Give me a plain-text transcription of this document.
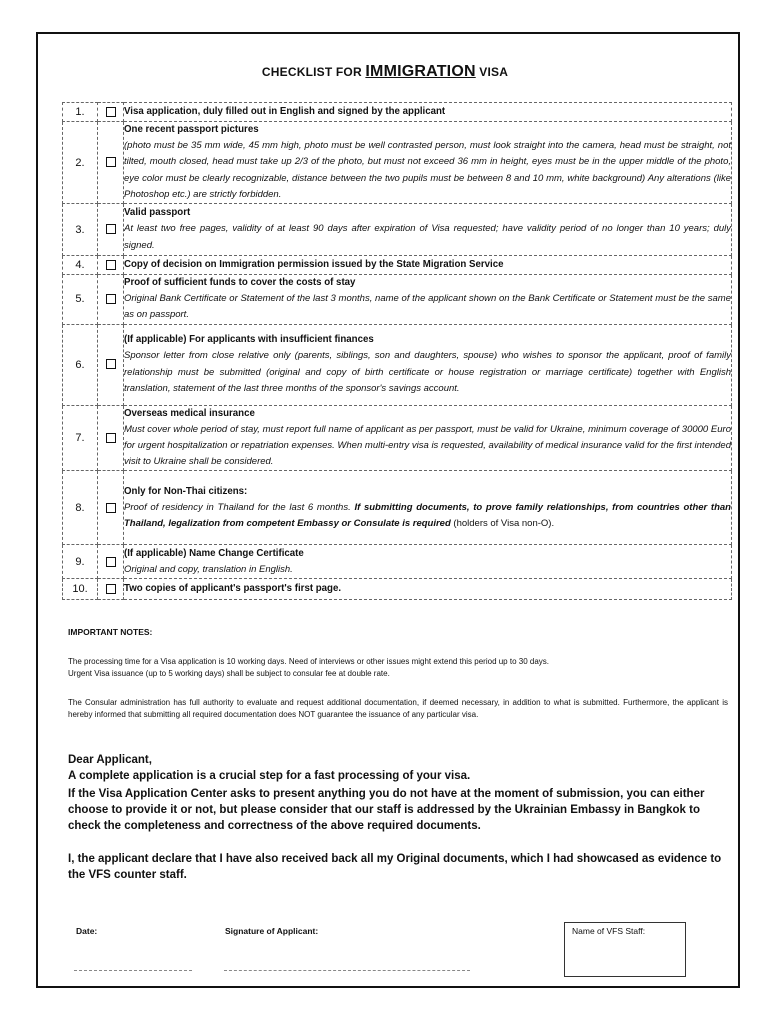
CHECKLIST FOR IMMIGRATION VISA
1.		Visa application, duly filled out in English and signed by the applicant

2.		One recent passport pictures
(photo must be 35 mm wide, 45 mm high, photo must be well contrasted person, must look straight into the camera, head must be straight, not tilted, mouth closed, head must take up 2/3 of the photo, but must not exceed 36 mm in height, eyes must be in the upper middle of the photo, eye color must be clearly recognizable, distance between the two pupils must be between 8 and 10 mm, white background) Any alterations (like Photoshop etc.) are strictly forbidden.

3.		Valid passport
At least two free pages, validity of at least 90 days after expiration of Visa requested; have validity period of no longer than 10 years; duly signed.

4.		Copy of decision on Immigration permission issued by the State Migration Service

5.		Proof of sufficient funds to cover the costs of stay
Original Bank Certificate or Statement of the last 3 months, name of the applicant shown on the Bank Certificate or Statement must be the same as on passport.

6.		(If applicable) For applicants with insufficient finances
Sponsor letter from close relative only (parents, siblings, son and daughters, spouse) who wishes to sponsor the applicant, proof of family relationship must be submitted (original and copy of birth certificate or house registration or marriage certificate) together with English translation, statement of the last three months of the sponsor's savings account.

7.		Overseas medical insurance
Must cover whole period of stay, must report full name of applicant as per passport, must be valid for Ukraine, minimum coverage of 30000 Euro for urgent hospitalization or repatriation expenses. When multi-entry visa is requested, availability of medical insurance valid for the first intended visit to Ukraine shall be considered.

8.		Only for Non-Thai citizens:
Proof of residency in Thailand for the last 6 months. If submitting documents, to prove family relationships, from countries other than Thailand, legalization from competent Embassy or Consulate is required (holders of Visa non-O).

9.		(If applicable) Name Change Certificate
Original and copy, translation in English.

10.		Two copies of applicant's passport's first page.
IMPORTANT NOTES:
The processing time for a Visa application is 10 working days. Need of interviews or other issues might extend this period up to 30 days.
Urgent Visa issuance (up to 5 working days) shall be subject to consular fee at double rate.
The Consular administration has full authority to evaluate and request additional documentation, if deemed necessary, in addition to what is submitted. Furthermore, the applicant is hereby informed that submitting all required documentation does NOT guarantee the issuance of any particular visa.
Dear Applicant,
A complete application is a crucial step for a fast processing of your visa.
If the Visa Application Center asks to present anything you do not have at the moment of submission, you can either choose to provide it or not, but please consider that our staff is addressed by the Ukrainian Embassy in Bangkok to check the completeness and correctness of the above required documents.
I, the applicant declare that I have also received back all my Original documents, which I had showcased as evidence to the VFS counter staff.
Date:	Signature of Applicant:	Name of VFS Staff:
